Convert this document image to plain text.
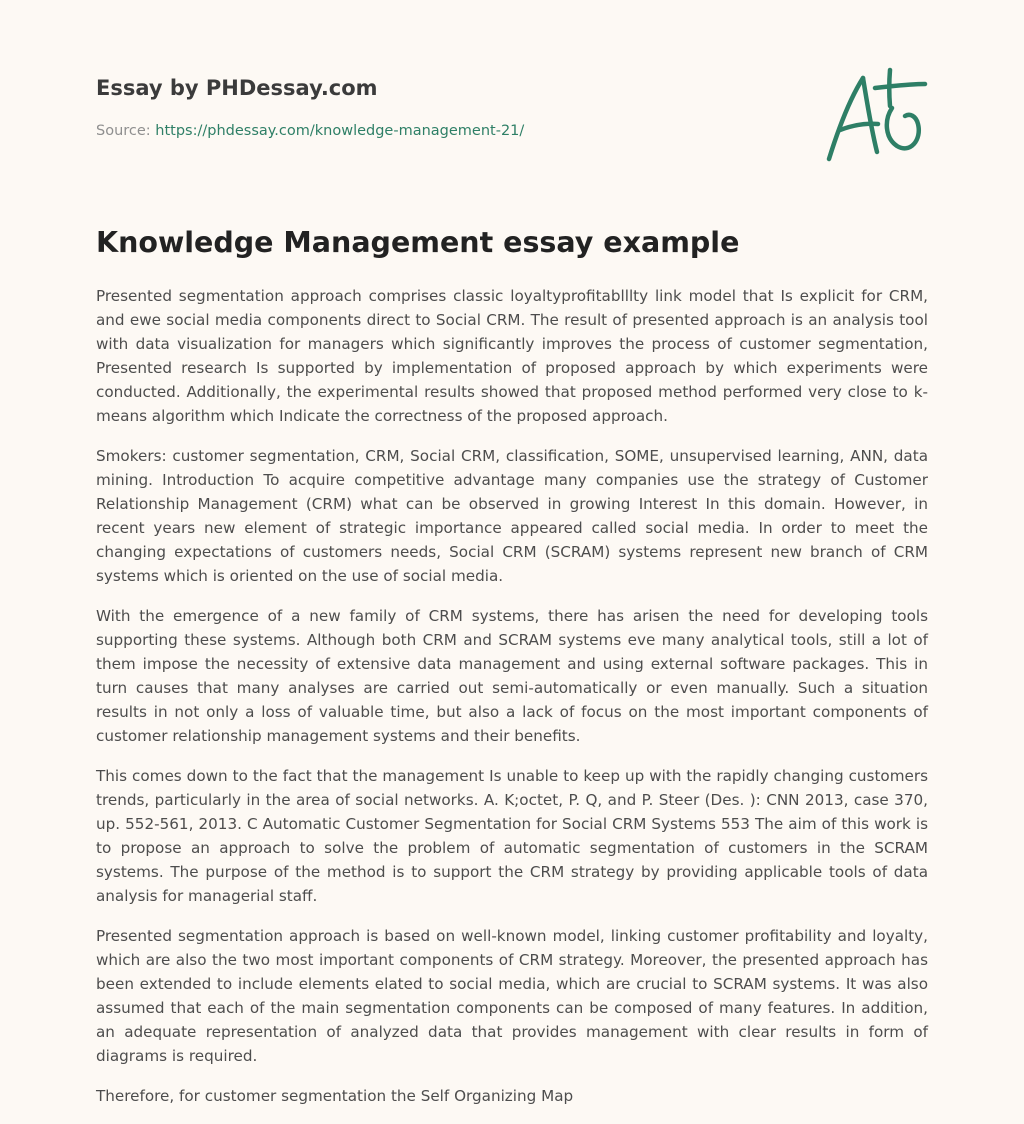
Essay by PHDessay.com
Source: https://phdessay.com/knowledge-management-21/
Knowledge Management essay example

Presented segmentation approach comprises classic loyaltyprofitablllty link model that Is explicit for CRM, and ewe social media components direct to Social CRM. The result of presented approach is an analysis tool with data visualization for managers which significantly improves the process of customer segmentation, Presented research Is supported by implementation of proposed approach by which experiments were conducted. Additionally, the experimental results showed that proposed method performed very close to k-means algorithm which Indicate the correctness of the proposed approach.

Smokers: customer segmentation, CRM, Social CRM, classification, SOME, unsupervised learning, ANN, data mining. Introduction To acquire competitive advantage many companies use the strategy of Customer Relationship Management (CRM) what can be observed in growing Interest In this domain. However, in recent years new element of strategic importance appeared called social media. In order to meet the changing expectations of customers needs, Social CRM (SCRAM) systems represent new branch of CRM systems which is oriented on the use of social media.

With the emergence of a new family of CRM systems, there has arisen the need for developing tools supporting these systems. Although both CRM and SCRAM systems eve many analytical tools, still a lot of them impose the necessity of extensive data management and using external software packages. This in turn causes that many analyses are carried out semi-automatically or even manually. Such a situation results in not only a loss of valuable time, but also a lack of focus on the most important components of customer relationship management systems and their benefits.

This comes down to the fact that the management Is unable to keep up with the rapidly changing customers trends, particularly in the area of social networks. A. K;octet, P. Q, and P. Steer (Des. ): CNN 2013, case 370, up. 552-561, 2013. C Automatic Customer Segmentation for Social CRM Systems 553 The aim of this work is to propose an approach to solve the problem of automatic segmentation of customers in the SCRAM systems. The purpose of the method is to support the CRM strategy by providing applicable tools of data analysis for managerial staff.

Presented segmentation approach is based on well-known model, linking customer profitability and loyalty, which are also the two most important components of CRM strategy. Moreover, the presented approach has been extended to include elements elated to social media, which are crucial to SCRAM systems. It was also assumed that each of the main segmentation components can be composed of many features. In addition, an adequate representation of analyzed data that provides management with clear results in form of diagrams is required.

Therefore, for customer segmentation the Self Organizing Map
